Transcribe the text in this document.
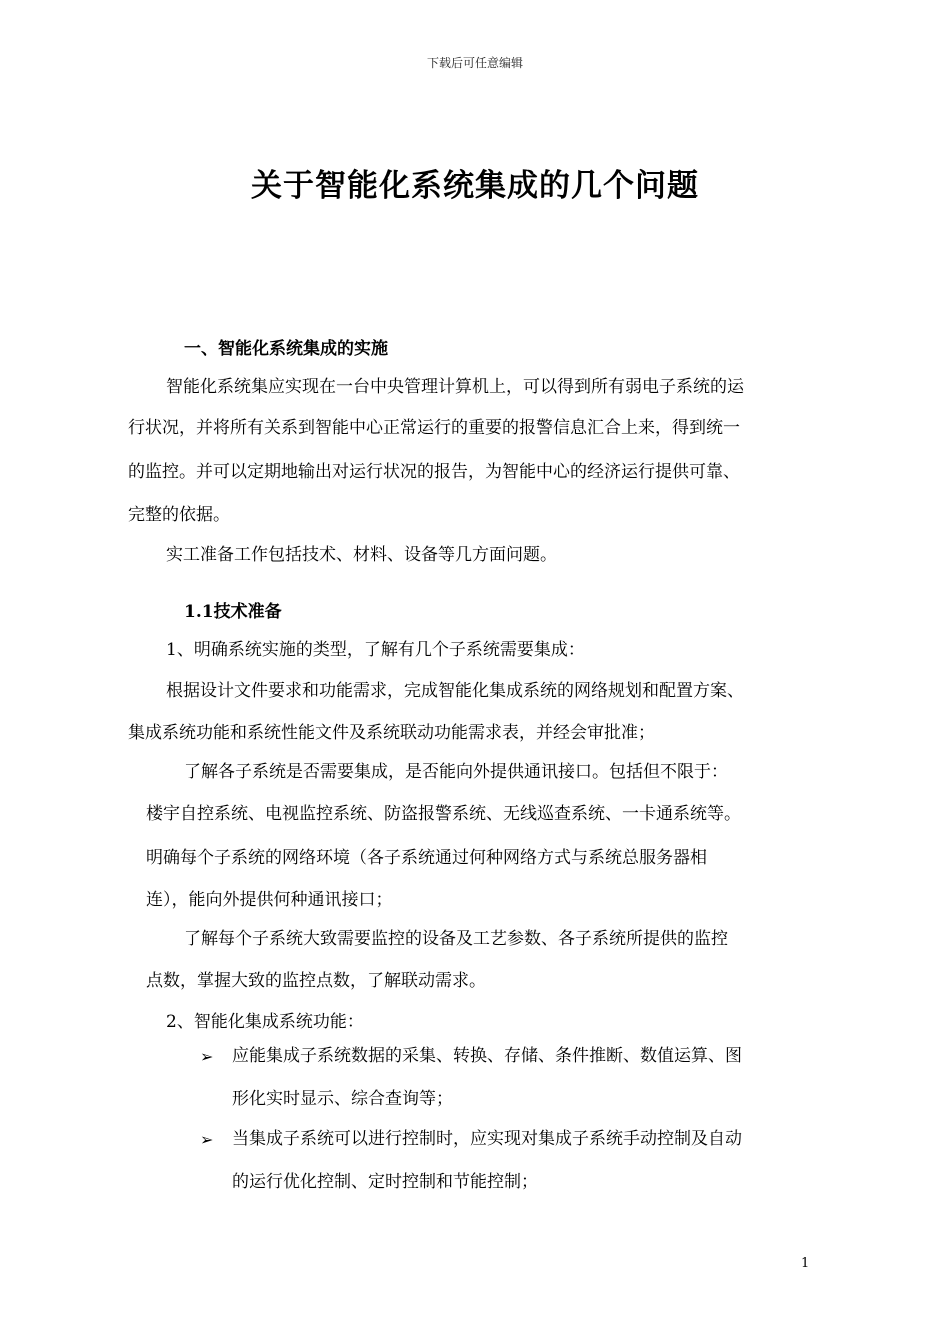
下载后可任意编辑
关于智能化系统集成的几个问题
一、智能化系统集成的实施
智能化系统集应实现在一台中央管理计算机上，可以得到所有弱电子系统的运
行状况，并将所有关系到智能中心正常运行的重要的报警信息汇合上来，得到统一
的监控。并可以定期地输出对运行状况的报告，为智能中心的经济运行提供可靠、
完整的依据。
实工准备工作包括技术、材料、设备等几方面问题。
1.1技术准备
1、明确系统实施的类型，了解有几个子系统需要集成：
根据设计文件要求和功能需求，完成智能化集成系统的网络规划和配置方案、
集成系统功能和系统性能文件及系统联动功能需求表，并经会审批准；
了解各子系统是否需要集成，是否能向外提供通讯接口。包括但不限于：
楼宇自控系统、电视监控系统、防盗报警系统、无线巡查系统、一卡通系统等。
明确每个子系统的网络环境（各子系统通过何种网络方式与系统总服务器相
连），能向外提供何种通讯接口；
了解每个子系统大致需要监控的设备及工艺参数、各子系统所提供的监控
点数，掌握大致的监控点数，了解联动需求。
2、智能化集成系统功能：
➢ 应能集成子系统数据的采集、转换、存储、条件推断、数值运算、图
形化实时显示、综合查询等；
➢ 当集成子系统可以进行控制时，应实现对集成子系统手动控制及自动
的运行优化控制、定时控制和节能控制；
1
